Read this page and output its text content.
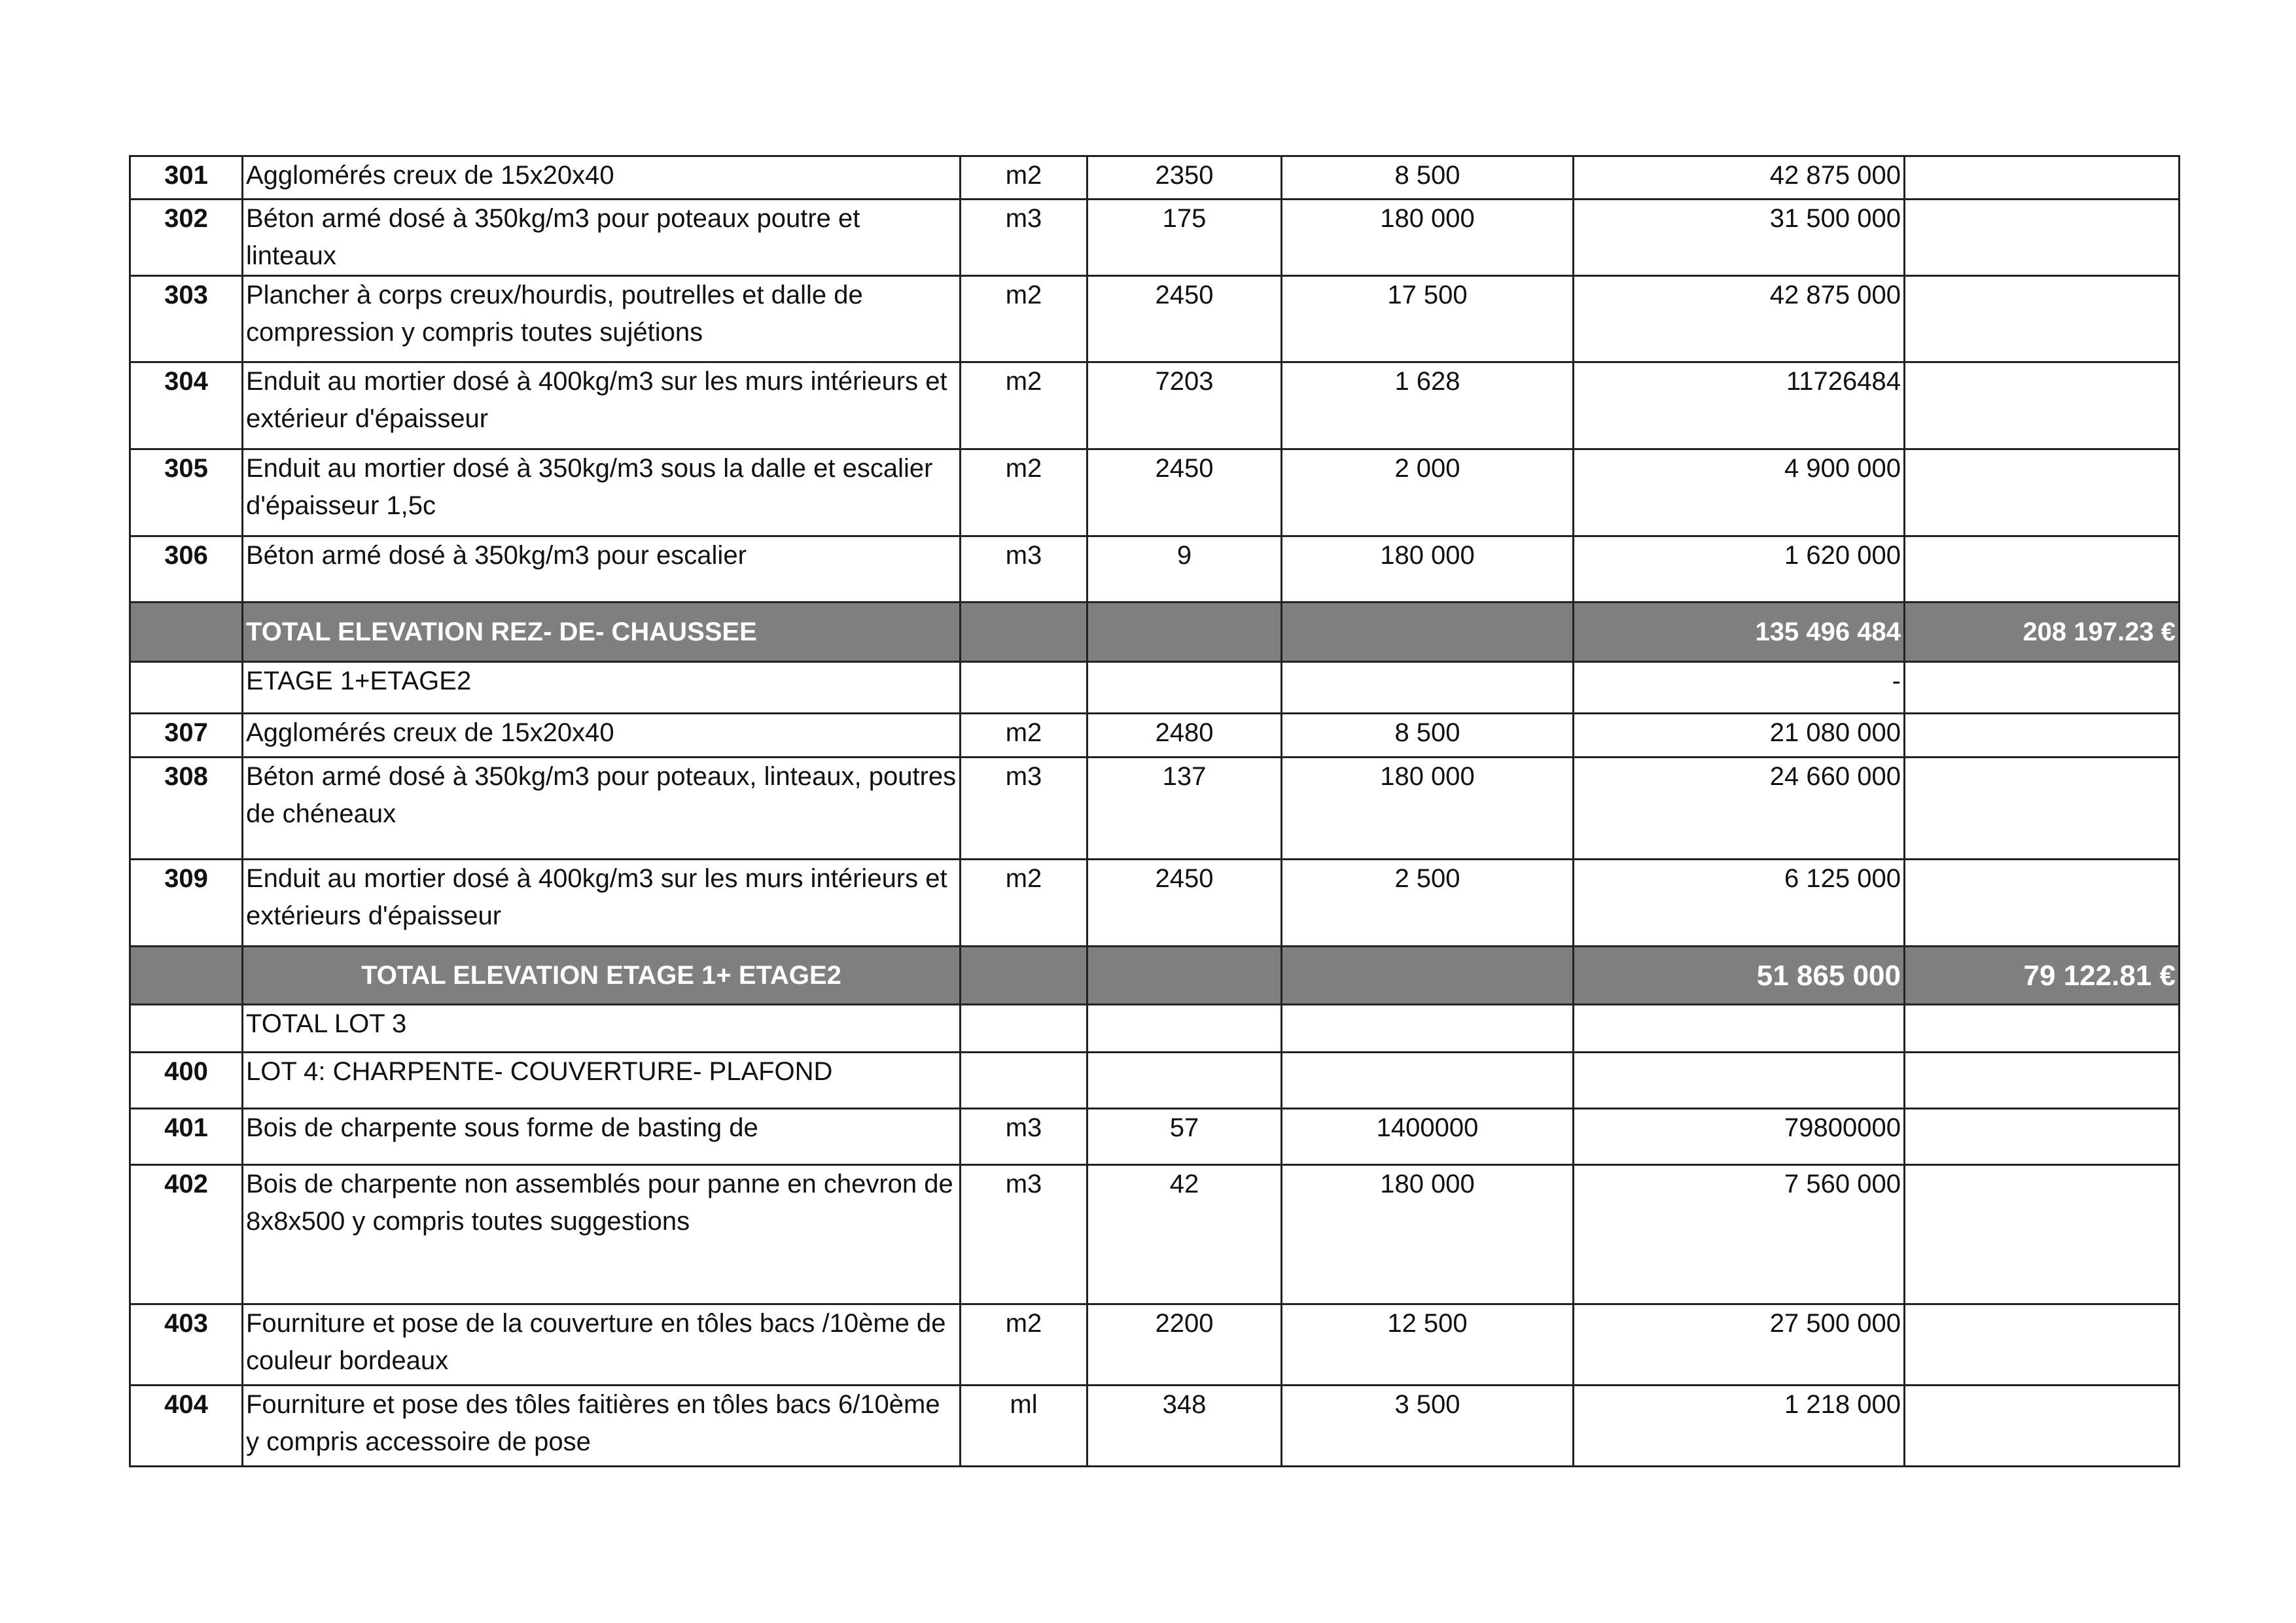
301	Agglomérés creux de 15x20x40	m2	2350	8 500	42 875 000	
302	Béton armé dosé à 350kg/m3 pour poteaux poutre et linteaux	m3	175	180 000	31 500 000	
303	Plancher à corps creux/hourdis, poutrelles et dalle de compression y compris toutes sujétions	m2	2450	17 500	42 875 000	
304	Enduit au mortier dosé à 400kg/m3 sur les murs intérieurs et extérieur d'épaisseur	m2	7203	1 628	11726484	
305	Enduit au mortier dosé à 350kg/m3 sous la dalle et escalier d'épaisseur 1,5c	m2	2450	2 000	4 900 000	
306	Béton armé dosé à 350kg/m3 pour escalier	m3	9	180 000	1 620 000	
	TOTAL ELEVATION REZ- DE- CHAUSSEE				135 496 484	208 197.23 €
	ETAGE 1+ETAGE2				-	
307	Agglomérés creux de 15x20x40	m2	2480	8 500	21 080 000	
308	Béton armé dosé à 350kg/m3 pour poteaux, linteaux, poutres de chéneaux	m3	137	180 000	24 660 000	
309	Enduit au mortier dosé à 400kg/m3 sur les murs intérieurs et extérieurs d'épaisseur	m2	2450	2 500	6 125 000	
	TOTAL ELEVATION ETAGE 1+ ETAGE2				51 865 000	79 122.81 €
	TOTAL LOT 3					
400	LOT 4: CHARPENTE- COUVERTURE- PLAFOND					
401	Bois de charpente sous forme de basting de	m3	57	1400000	79800000	
402	Bois de charpente non assemblés pour panne en chevron de 8x8x500 y compris toutes suggestions	m3	42	180 000	7 560 000	
403	Fourniture et pose de la couverture en tôles bacs /10ème de couleur bordeaux	m2	2200	12 500	27 500 000	
404	Fourniture et pose des tôles faitières en tôles bacs 6/10ème y compris accessoire de pose	ml	348	3 500	1 218 000	
